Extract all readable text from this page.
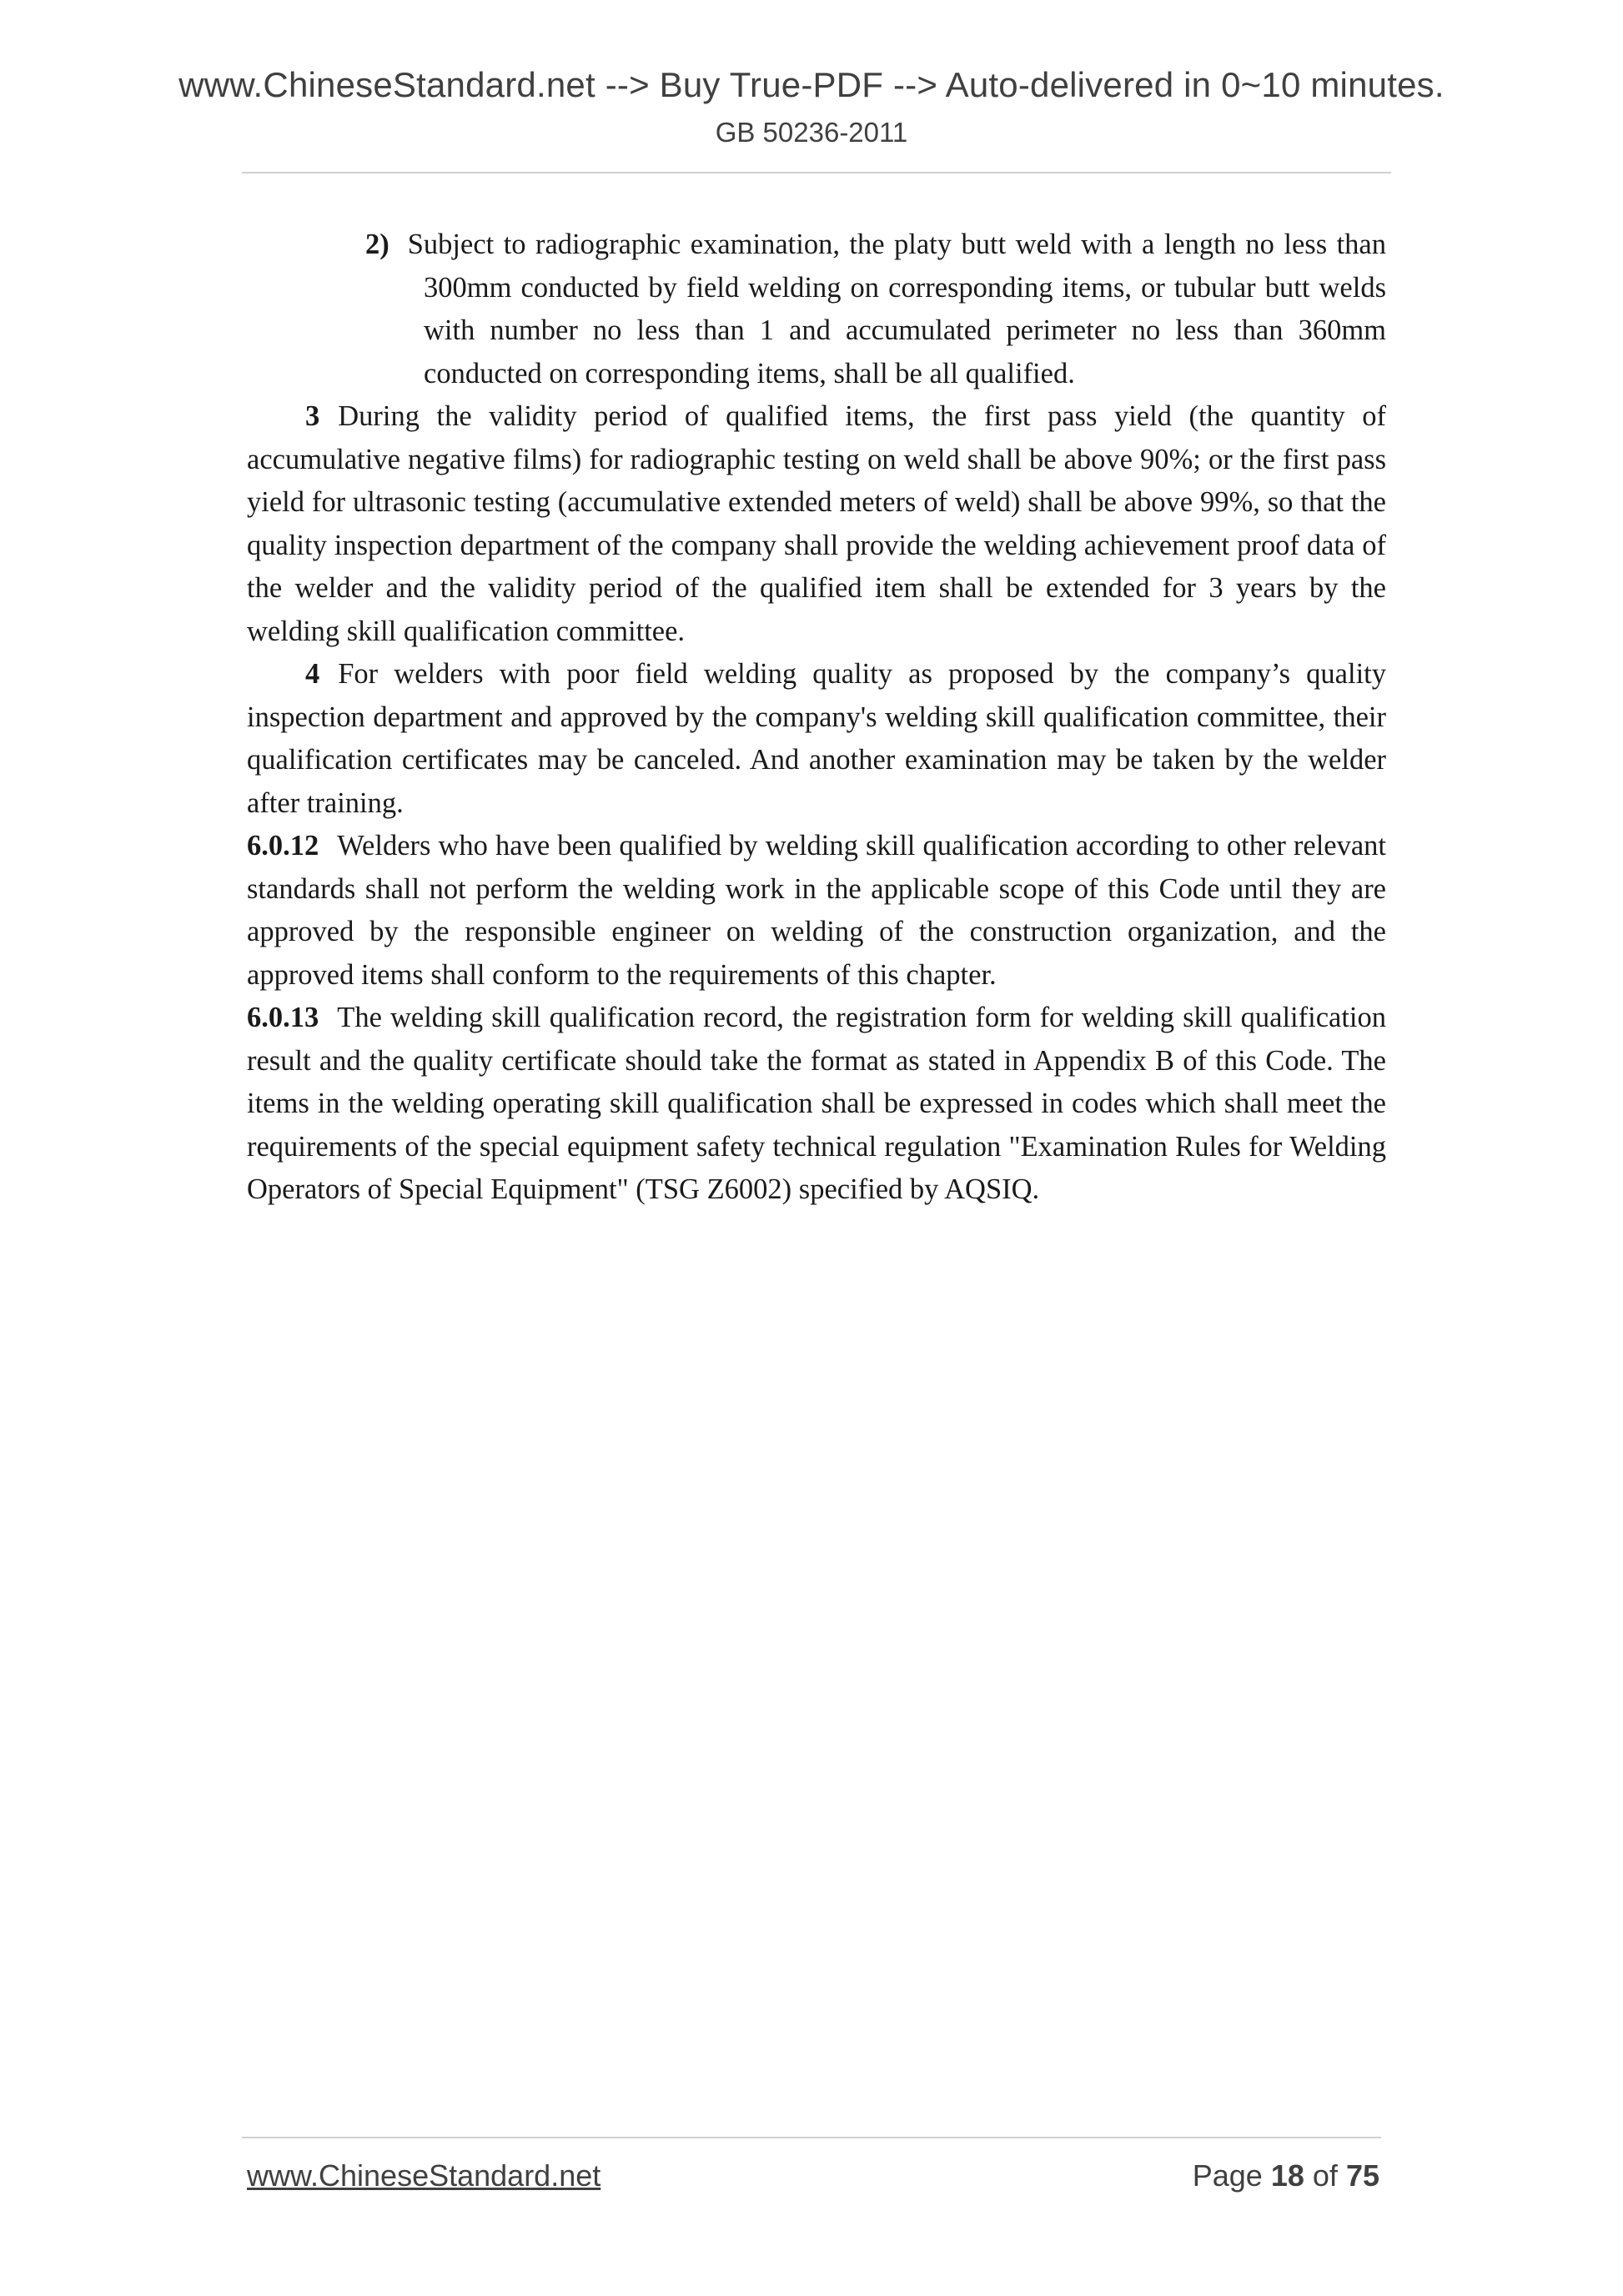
www.ChineseStandard.net --> Buy True-PDF --> Auto-delivered in 0~10 minutes.
GB 50236-2011

2) Subject to radiographic examination, the platy butt weld with a length no less than 300mm conducted by field welding on corresponding items, or tubular butt welds with number no less than 1 and accumulated perimeter no less than 360mm conducted on corresponding items, shall be all qualified.

3 During the validity period of qualified items, the first pass yield (the quantity of accumulative negative films) for radiographic testing on weld shall be above 90%; or the first pass yield for ultrasonic testing (accumulative extended meters of weld) shall be above 99%, so that the quality inspection department of the company shall provide the welding achievement proof data of the welder and the validity period of the qualified item shall be extended for 3 years by the welding skill qualification committee.

4 For welders with poor field welding quality as proposed by the company’s quality inspection department and approved by the company's welding skill qualification committee, their qualification certificates may be canceled. And another examination may be taken by the welder after training.

6.0.12 Welders who have been qualified by welding skill qualification according to other relevant standards shall not perform the welding work in the applicable scope of this Code until they are approved by the responsible engineer on welding of the construction organization, and the approved items shall conform to the requirements of this chapter.

6.0.13 The welding skill qualification record, the registration form for welding skill qualification result and the quality certificate should take the format as stated in Appendix B of this Code. The items in the welding operating skill qualification shall be expressed in codes which shall meet the requirements of the special equipment safety technical regulation "Examination Rules for Welding Operators of Special Equipment" (TSG Z6002) specified by AQSIQ.

www.ChineseStandard.net	Page 18 of 75
